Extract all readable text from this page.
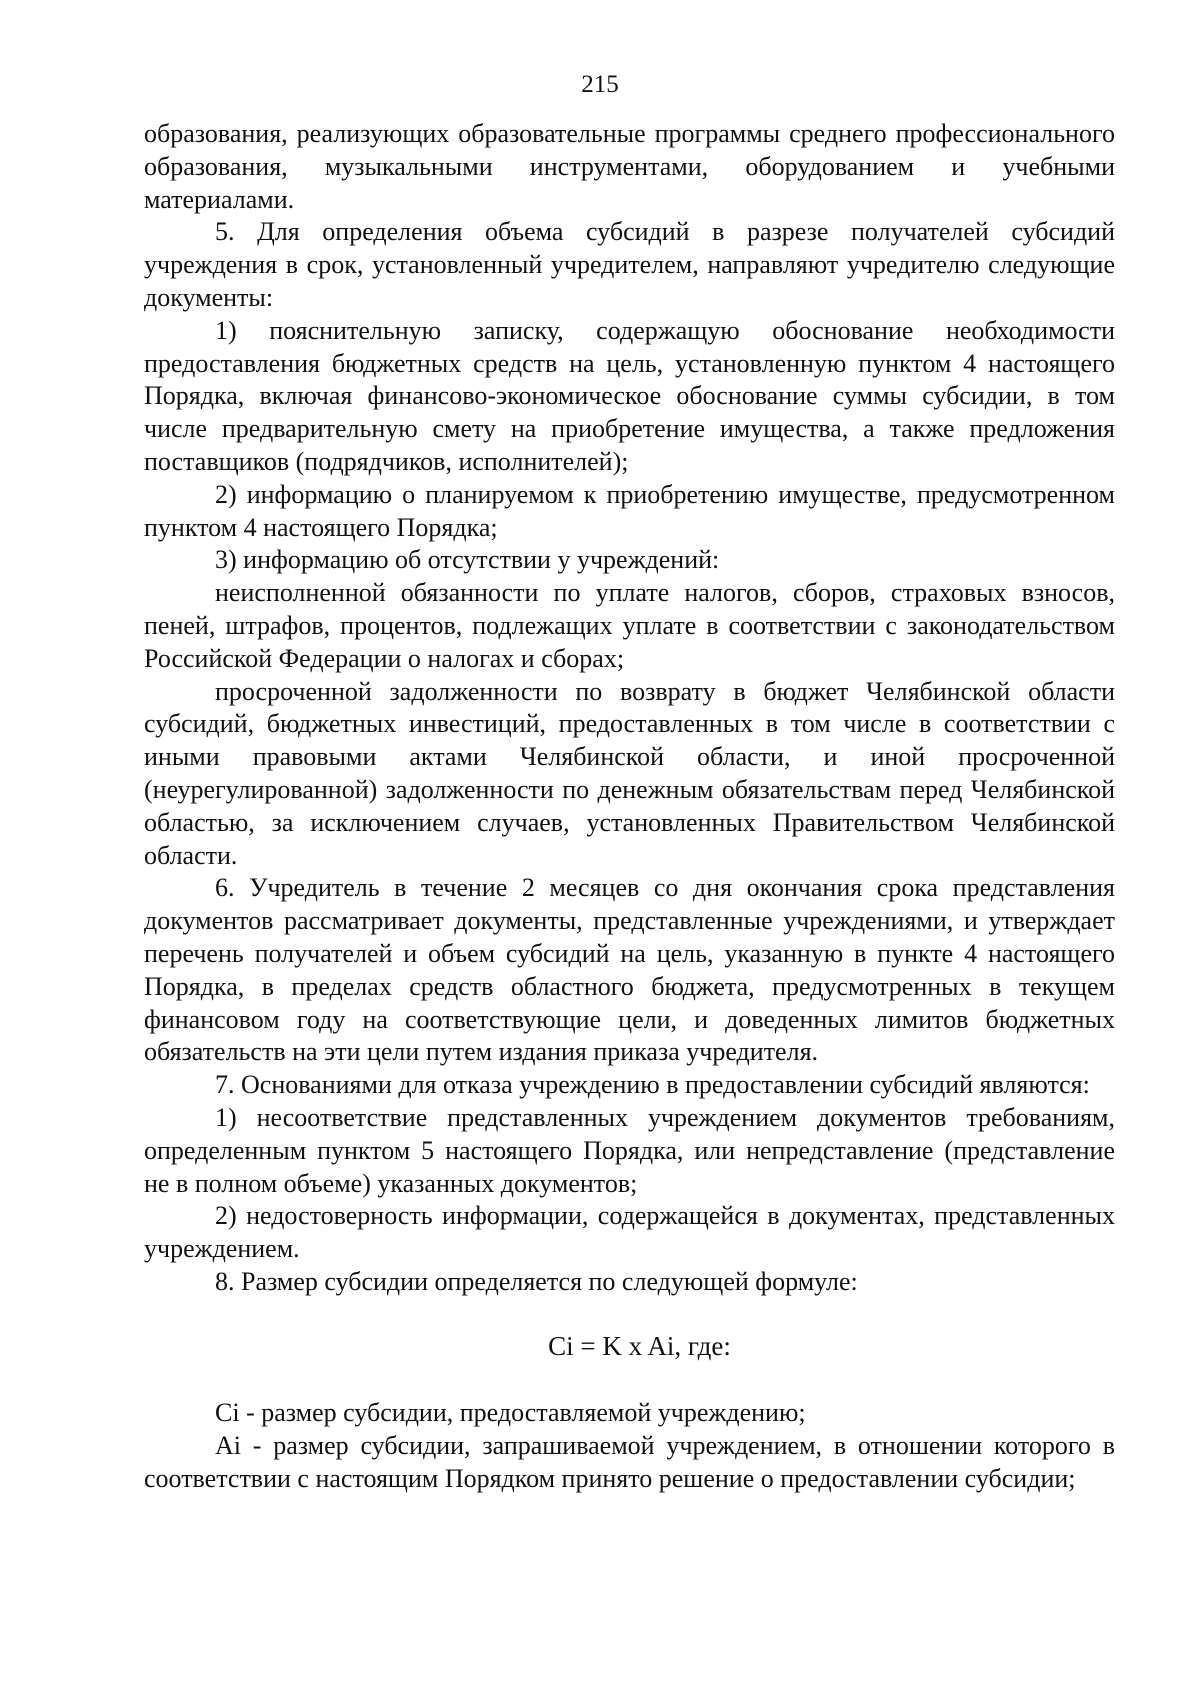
215

образования, реализующих образовательные программы среднего профессионального образования, музыкальными инструментами, оборудованием и учебными материалами.

5. Для определения объема субсидий в разрезе получателей субсидий учреждения в срок, установленный учредителем, направляют учредителю следующие документы:

1) пояснительную записку, содержащую обоснование необходимости предоставления бюджетных средств на цель, установленную пунктом 4 настоящего Порядка, включая финансово-экономическое обоснование суммы субсидии, в том числе предварительную смету на приобретение имущества, а также предложения поставщиков (подрядчиков, исполнителей);

2) информацию о планируемом к приобретению имуществе, предусмотренном пунктом 4 настоящего Порядка;

3) информацию об отсутствии у учреждений:

неисполненной обязанности по уплате налогов, сборов, страховых взносов, пеней, штрафов, процентов, подлежащих уплате в соответствии с законодательством Российской Федерации о налогах и сборах;

просроченной задолженности по возврату в бюджет Челябинской области субсидий, бюджетных инвестиций, предоставленных в том числе в соответствии с иными правовыми актами Челябинской области, и иной просроченной (неурегулированной) задолженности по денежным обязательствам перед Челябинской областью, за исключением случаев, установленных Правительством Челябинской области.

6. Учредитель в течение 2 месяцев со дня окончания срока представления документов рассматривает документы, представленные учреждениями, и утверждает перечень получателей и объем субсидий на цель, указанную в пункте 4 настоящего Порядка, в пределах средств областного бюджета, предусмотренных в текущем финансовом году на соответствующие цели, и доведенных лимитов бюджетных обязательств на эти цели путем издания приказа учредителя.

7. Основаниями для отказа учреждению в предоставлении субсидий являются:

1) несоответствие представленных учреждением документов требованиям, определенным пунктом 5 настоящего Порядка, или непредставление (представление не в полном объеме) указанных документов;

2) недостоверность информации, содержащейся в документах, представленных учреждением.

8. Размер субсидии определяется по следующей формуле:

Ci = K x Ai, где:

Ci - размер субсидии, предоставляемой учреждению;

Ai - размер субсидии, запрашиваемой учреждением, в отношении которого в соответствии с настоящим Порядком принято решение о предоставлении субсидии;
